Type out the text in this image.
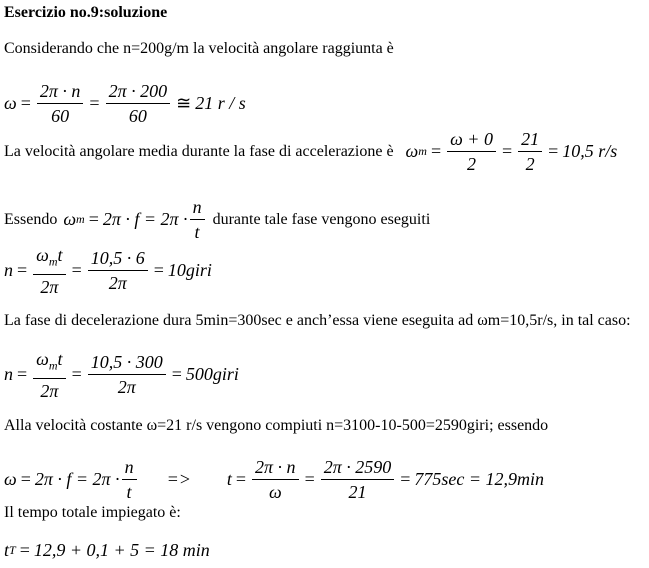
Esercizio no.9:soluzione
Considerando che n=200g/m la velocità angolare raggiunta è
$\omega = \frac{2\pi \cdot n}{60} = \frac{2\pi \cdot 200}{60}$ ≅ 21 r / s
La velocità angolare media durante la fase di accelerazione è ω $m = \frac{\omega + 0}{2} = \frac{21}{2} = 10,5$ r/s
Essendo ω $m = 2\pi \cdot f = 2\pi \cdot \frac{n}{t}$ durante tale fase vengono eseguiti
$n = \frac{\omega_mt}{2\pi} = \frac{10,5 \cdot 6}{2\pi}$ = 10giri
La fase di decelerazione dura 5min=300sec e anch’essa viene eseguita ad ωm=10,5r/s, in tal caso:
$n = \frac{\omega_mt}{2\pi} = \frac{10,5 \cdot 300}{2\pi}$ = 500giri
Alla velocità costante ω=21 r/s vengono compiuti n=3100-10-500=2590giri; essendo
$\omega = 2\pi \cdot f = 2\pi \cdot \frac{n}{t} => t = \frac{2\pi \cdot n}{\omega} = \frac{2\pi \cdot 2590}{21} = 775\sec = 12,9\min$
Il tempo totale impiegato è:
t T = 12,9 + 0,1 + 5 = 18 min
